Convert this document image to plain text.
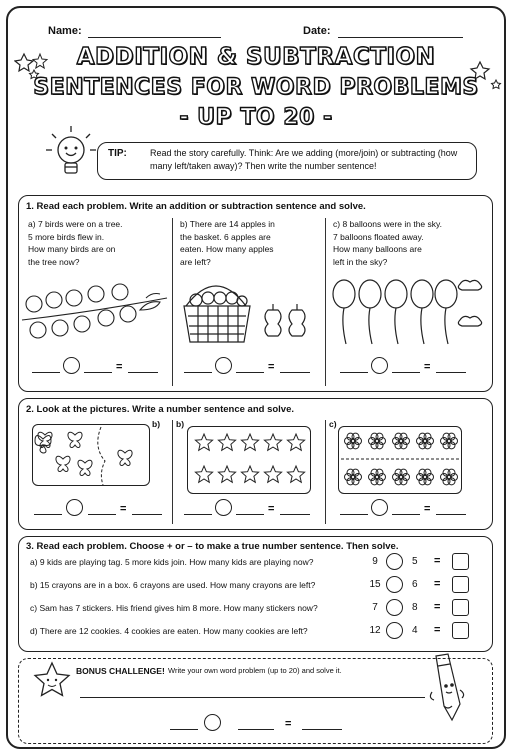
Name:	Date:
ADDITION & SUBTRACTION
SENTENCES FOR WORD PROBLEMS
- UP TO 20 -
TIP:	Read the story carefully. Think: Are we adding (more/join) or subtracting (how many left/taken away)? Then write the number sentence!
1. Read each problem. Write an addition or subtraction sentence and solve.
a) 7 birds were on a tree.
5 more birds flew in.
How many birds are on
the tree now?
b) There are 14 apples in
the basket. 6 apples are
eaten. How many apples
are left?
c) 8 balloons were in the sky.
7 balloons floated away.
How many balloons are
left in the sky?
=	=	=
2. Look at the pictures. Write a number sentence and solve.
b) b)	c)
=	=	=
3. Read each problem. Choose + or – to make a true number sentence. Then solve.
a) 9 kids are playing tag. 5 more kids join. How many kids are playing now?	9	5 =
b) 15 crayons are in a box. 6 crayons are used. How many crayons are left?	15	6 =
c) Sam has 7 stickers. His friend gives him 8 more. How many stickers now?	7	8 =
d) There are 12 cookies. 4 cookies are eaten. How many cookies are left?	12	4 =
BONUS CHALLENGE! Write your own word problem (up to 20) and solve it.
=
